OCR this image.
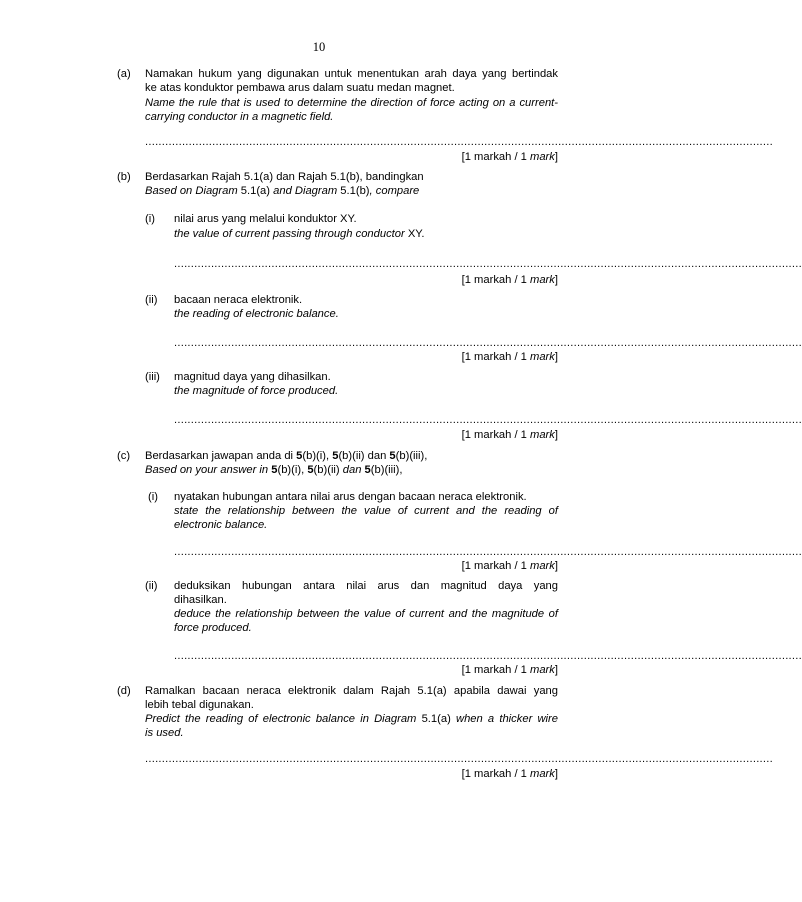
10
(a) Namakan hukum yang digunakan untuk menentukan arah daya yang bertindak
ke atas konduktor pembawa arus dalam suatu medan magnet.
Name the rule that is used to determine the direction of force acting on a current-
carrying conductor in a magnetic field.
...........................................................................................................................................................................................
[1 markah / 1 mark]
(b) Berdasarkan Rajah 5.1(a) dan Rajah 5.1(b), bandingkan
Based on Diagram 5.1(a) and Diagram 5.1(b), compare
(i) nilai arus yang melalui konduktor XY.
the value of current passing through conductor XY.
...........................................................................................................................................................................................
[1 markah / 1 mark]
(ii) bacaan neraca elektronik.
the reading of electronic balance.
...........................................................................................................................................................................................
[1 markah / 1 mark]
(iii) magnitud daya yang dihasilkan.
the magnitude of force produced.
...........................................................................................................................................................................................
[1 markah / 1 mark]
(c) Berdasarkan jawapan anda di 5(b)(i), 5(b)(ii) dan 5(b)(iii),
Based on your answer in 5(b)(i), 5(b)(ii) dan 5(b)(iii),
(i) nyatakan hubungan antara nilai arus dengan bacaan neraca elektronik.
state the relationship between the value of current and the reading of
electronic balance.
...........................................................................................................................................................................................
[1 markah / 1 mark]
(ii) deduksikan hubungan antara nilai arus dan magnitud daya yang
dihasilkan.
deduce the relationship between the value of current and the magnitude of
force produced.
...........................................................................................................................................................................................
[1 markah / 1 mark]
(d) Ramalkan bacaan neraca elektronik dalam Rajah 5.1(a) apabila dawai yang
lebih tebal digunakan.
Predict the reading of electronic balance in Diagram 5.1(a) when a thicker wire
is used.
...........................................................................................................................................................................................
[1 markah / 1 mark]
